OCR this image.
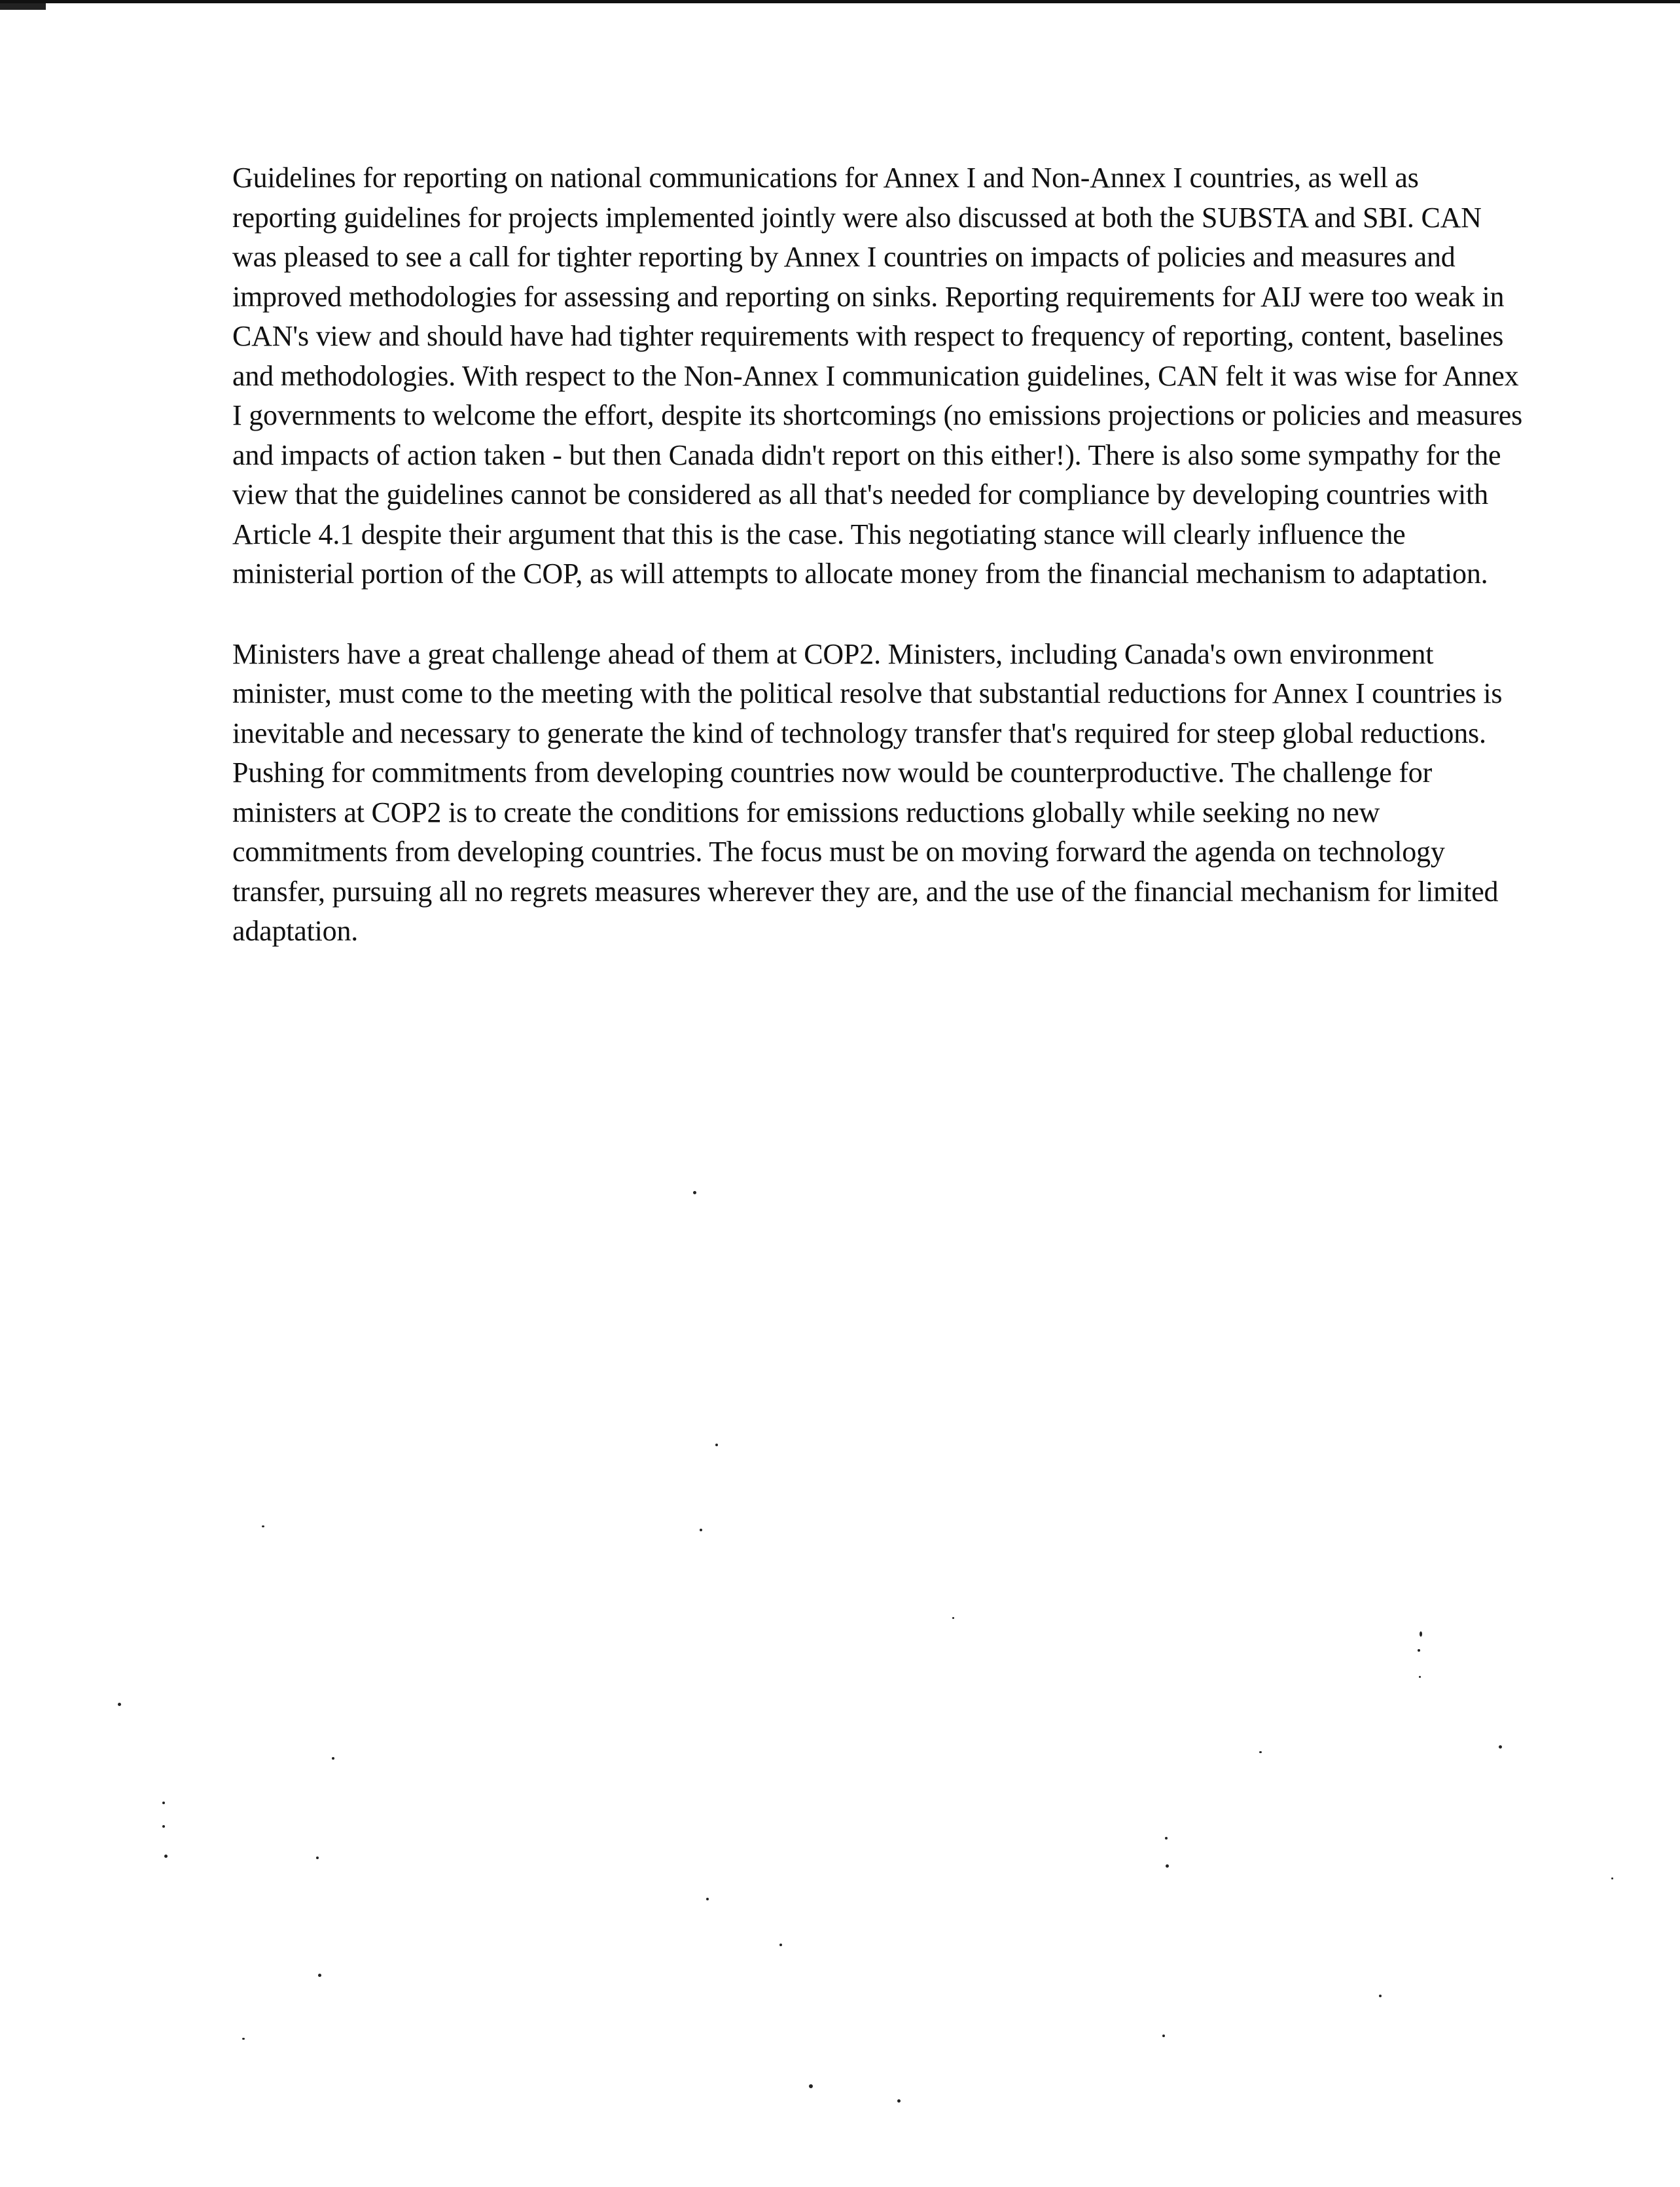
Guidelines for reporting on national communications for Annex I and Non-Annex I countries, as well as reporting guidelines for projects implemented jointly were also discussed at both the SUBSTA and SBI. CAN was pleased to see a call for tighter reporting by Annex I countries on impacts of policies and measures and improved methodologies for assessing and reporting on sinks. Reporting requirements for AIJ were too weak in CAN's view and should have had tighter requirements with respect to frequency of reporting, content, baselines and methodologies. With respect to the Non-Annex I communication guidelines, CAN felt it was wise for Annex I governments to welcome the effort, despite its shortcomings (no emissions projections or policies and measures and impacts of action taken - but then Canada didn't report on this either!). There is also some sympathy for the view that the guidelines cannot be considered as all that's needed for compliance by developing countries with Article 4.1 despite their argument that this is the case. This negotiating stance will clearly influence the ministerial portion of the COP, as will attempts to allocate money from the financial mechanism to adaptation.

Ministers have a great challenge ahead of them at COP2. Ministers, including Canada's own environment minister, must come to the meeting with the political resolve that substantial reductions for Annex I countries is inevitable and necessary to generate the kind of technology transfer that's required for steep global reductions. Pushing for commitments from developing countries now would be counterproductive. The challenge for ministers at COP2 is to create the conditions for emissions reductions globally while seeking no new commitments from developing countries. The focus must be on moving forward the agenda on technology transfer, pursuing all no regrets measures wherever they are, and the use of the financial mechanism for limited adaptation.
